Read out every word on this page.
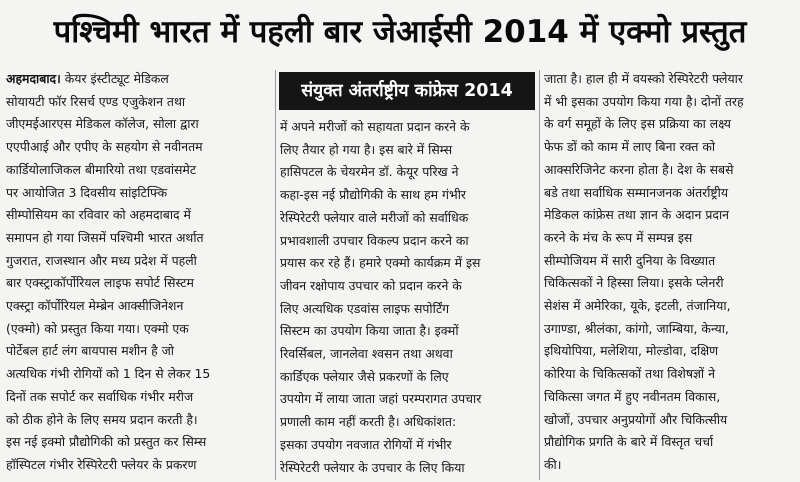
पश्चिमी भारत में पहली बार जेआईसी 2014 में एक्मो प्रस्तुत
अहमदाबाद। केयर इंस्टीट्यूट मेडिकल
सोयायटी फॉर रिसर्च एण्ड एजुकेशन तथा
जीएमईआरएस मेडिकल कॉलेज, सोला द्वारा
एएपीआई और एपीए के सहयोग से नवीनतम
कार्डियोलाजिकल बीमारियो तथा एडवांसमेट
पर आयोजित 3 दिवसीय सांइटिफ्कि
सीम्पोसियम का रविवार को अहमदाबाद में
समापन हो गया जिसमें पश्चिमी भारत अर्थात
गुजरात, राजस्थान और मध्य प्रदेश में पहली
बार एक्स्ट्राकॉर्पोरियल लाइफ सपोर्ट सिस्टम
एक्स्ट्रा कॉर्पोरियल मेम्ब्रेन आक्सीजिनेशन
(एक्मो) को प्रस्तुत किया गया। एक्मो एक
पोर्टेबल हार्ट लंग बायपास मशीन है जो
अत्यधिक गंभी रोगियों को 1 दिन से लेकर 15
दिनों तक सपोर्ट कर सर्वाधिक गंभीर मरीज
को ठीक होने के लिए समय प्रदान करती है।
इस नई इक्मो प्रौद्योगिकी को प्रस्तुत कर सिम्स
हॉस्पिटल गंभीर रेस्पिरेटरी फ्लेयर के प्रकरण
संयुक्त अंतर्राष्ट्रीय कांफ्रेस 2014
में अपने मरीजों को सहायता प्रदान करने के
लिए तैयार हो गया है। इस बारे में सिम्स
हासिपटल के चेयरमेन डॉ. केयूर परिख ने
कहा-इस नई प्रौद्योगिकी के साथ हम गंभीर
रेस्पिरेटरी फ्लेयार वाले मरीजों को सर्वाधिक
प्रभावशाली उपचार विकल्प प्रदान करने का
प्रयास कर रहे हैं। हमारे एक्मो कार्यक्रम में इस
जीवन रक्षोपाय उपचार को प्रदान करने के
लिए अत्यधिक एडवांस लाइफ सपोर्टिंग
सिस्टम का उपयोग किया जाता है। इक्मों
रिवर्सिबल, जानलेवा श्वसन तथा अथवा
कार्डिएक फ्लेयार जैसे प्रकरणों के लिए
उपयोग में लाया जाता जहां परम्परागत उपचार
प्रणाली काम नहीं करती है। अधिकांशत:
इसका उपयोग नवजात रोगियों में गंभीर
रेस्पिरेटरी फ्लेयार के उपचार के लिए किया
जाता है। हाल ही में वयस्को रेस्पिरेटरी फ्लेयार
में भी इसका उपयोग किया गया है। दोनों तरह
के वर्ग समूहों के लिए इस प्रक्रिया का लक्ष्य
फेफ डों को काम में लाए बिना रक्त को
आक्सरिजिनेट करना होता है। देश के सबसे
बडे तथा सर्वाधिक सम्मानजनक अंतर्राष्ट्रीय
मेडिकल कांफ्रेस तथा ज्ञान के अदान प्रदान
करने के मंच के रूप में सम्पन्न इस
सीम्पोजियम में सारी दुनिया के विख्यात
चिकित्सकों ने हिस्सा लिया। इसके प्लेनरी
सेशंस में अमेरिका, यूके, इटली, तंजानिया,
उगाण्डा, श्रीलंका, कांगो, जाम्बिया, केन्या,
इथियोपिया, मलेशिया, मोल्डोवा, दक्षिण
कोरिया के चिकित्सकों तथा विशेषज्ञों ने
चिकित्सा जगत में हुए नवीनतम विकास,
खोजों, उपचार अनुप्रयोगों और चिकित्सीय
प्रौद्योगिक प्रगति के बारे में विस्तृत चर्चा
की।
